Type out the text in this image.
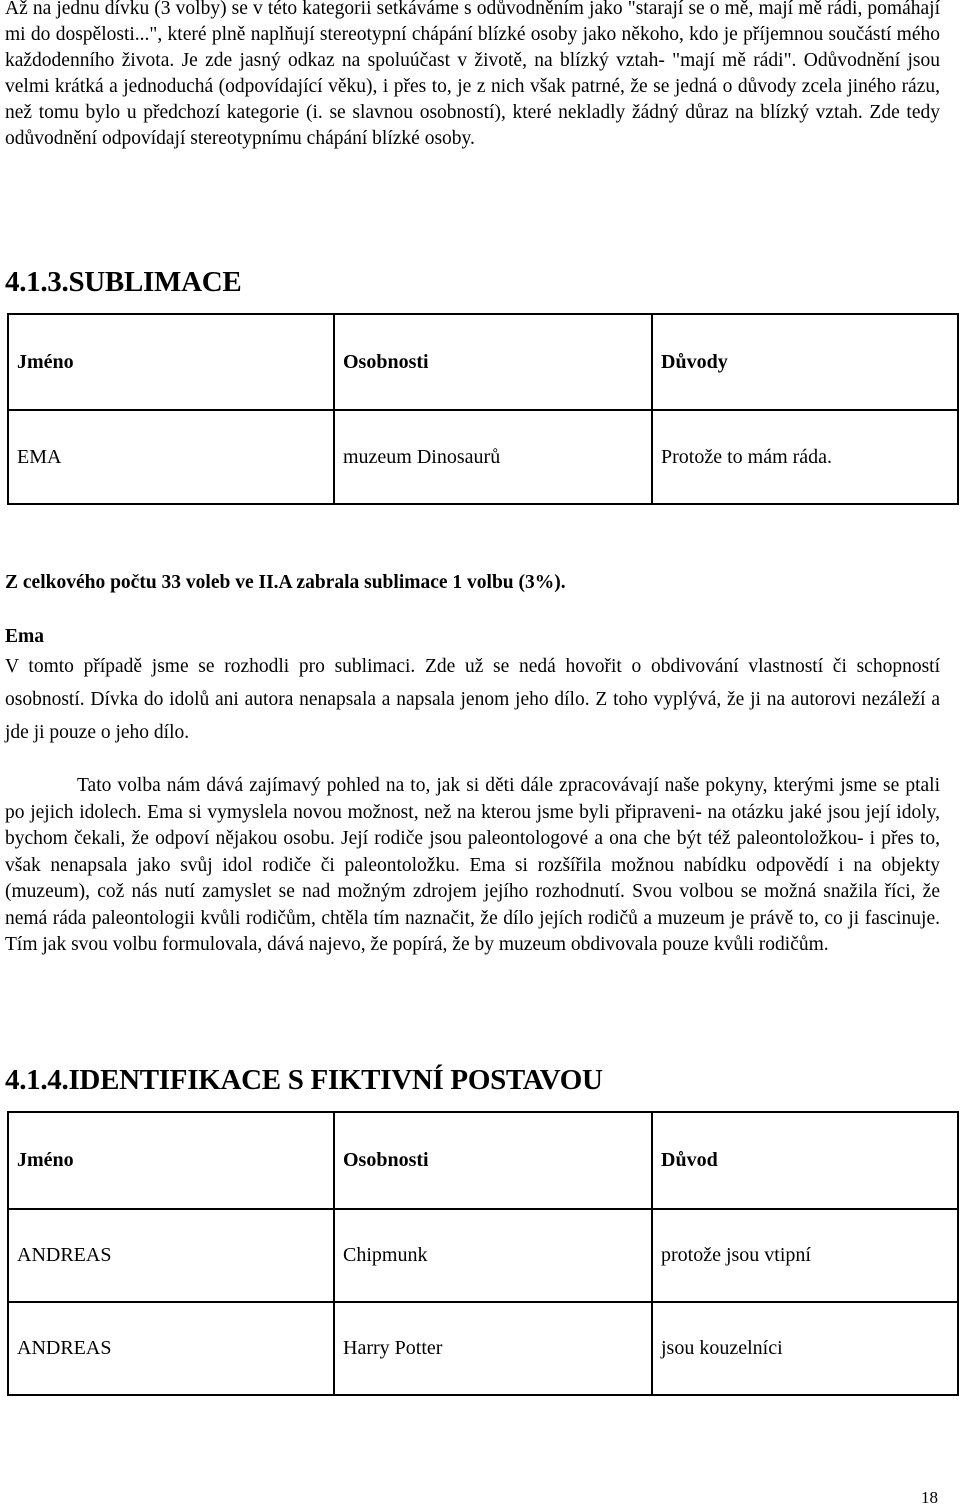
Až na jednu dívku (3 volby) se v této kategorii setkáváme s odůvodněním jako "starají se o mě, mají mě rádi, pomáhají mi do dospělosti...", které plně naplňují stereotypní chápání blízké osoby jako někoho, kdo je příjemnou součástí mého každodenního života. Je zde jasný odkaz na spoluúčast v životě, na blízký vztah- "mají mě rádi". Odůvodnění jsou velmi krátká a jednoduchá (odpovídající věku), i přes to, je z nich však patrné, že se jedná o důvody zcela jiného rázu, než tomu bylo u předchozí kategorie (i. se slavnou osobností), které nekladly žádný důraz na blízký vztah. Zde tedy odůvodnění odpovídají stereotypnímu chápání blízké osoby.

4.1.3.SUBLIMACE
Jméno	Osobnosti	Důvody
EMA	muzeum Dinosaurů	Protože to mám ráda.

Z celkového počtu 33 voleb ve II.A zabrala sublimace 1 volbu (3%).

Ema

V tomto případě jsme se rozhodli pro sublimaci. Zde už se nedá hovořit o obdivování vlastností či schopností osobností. Dívka do idolů ani autora nenapsala a napsala jenom jeho dílo. Z toho vyplývá, že ji na autorovi nezáleží a jde ji pouze o jeho dílo.

Tato volba nám dává zajímavý pohled na to, jak si děti dále zpracovávají naše pokyny, kterými jsme se ptali po jejich idolech. Ema si vymyslela novou možnost, než na kterou jsme byli připraveni- na otázku jaké jsou její idoly, bychom čekali, že odpoví nějakou osobu. Její rodiče jsou paleontologové a ona che být též paleontoložkou- i přes to, však nenapsala jako svůj idol rodiče či paleontoložku. Ema si rozšířila možnou nabídku odpovědí i na objekty (muzeum), což nás nutí zamyslet se nad možným zdrojem jejího rozhodnutí. Svou volbou se možná snažila říci, že nemá ráda paleontologii kvůli rodičům, chtěla tím naznačit, že dílo jejích rodičů a muzeum je právě to, co ji fascinuje. Tím jak svou volbu formulovala, dává najevo, že popírá, že by muzeum obdivovala pouze kvůli rodičům.

4.1.4.IDENTIFIKACE S FIKTIVNÍ POSTAVOU
Jméno	Osobnosti	Důvod
ANDREAS	Chipmunk	protože jsou vtipní
ANDREAS	Harry Potter	jsou kouzelníci
18
